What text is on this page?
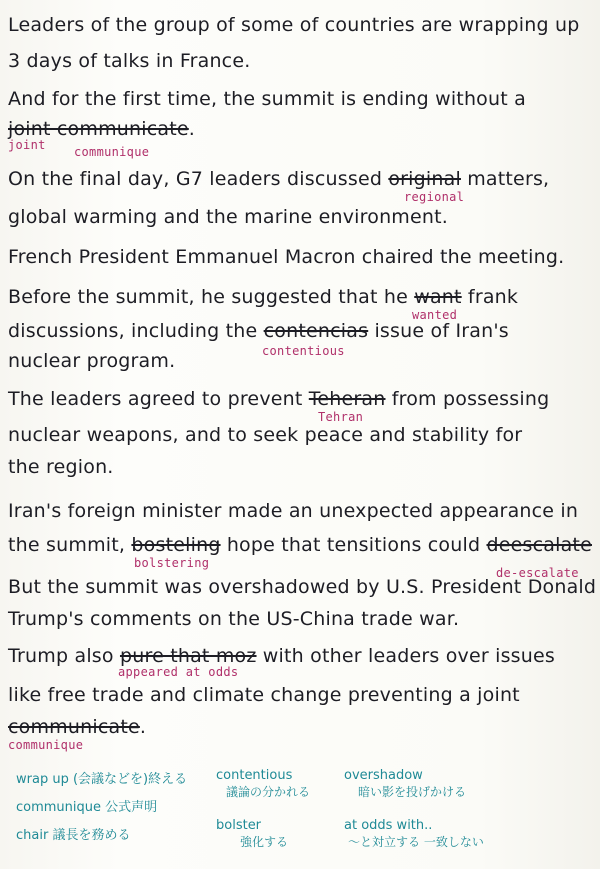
Leaders of the group of some of countries are wrapping up
3 days of talks in France.
And for the first time, the summit is ending without a
joint communicate.
On the final day, G7 leaders discussed original matters,
global warming and the marine environment.
French President Emmanuel Macron chaired the meeting.
Before the summit, he suggested that he want frank
discussions, including the contencias issue of Iran's
nuclear program.
The leaders agreed to prevent Teheran from possessing
nuclear weapons, and to seek peace and stability for
the region.
Iran's foreign minister made an unexpected appearance in
the summit, bosteling hope that tensitions could deescalate
But the summit was overshadowed by U.S. President Donald
Trump's comments on the US-China trade war.
Trump also pure that moz with other leaders over issues
like free trade and climate change preventing a joint
communicate.
joint communique
regional
wanted
contentious
Tehran
bolstering
de-escalate
appeared at odds
communique
wrap up (会議などを)終える
communique 公式声明
chair 議長を務める
contentious
議論の分かれる
bolster
強化する
overshadow
暗い影を投げかける
at odds with..
〜と対立する 一致しない
